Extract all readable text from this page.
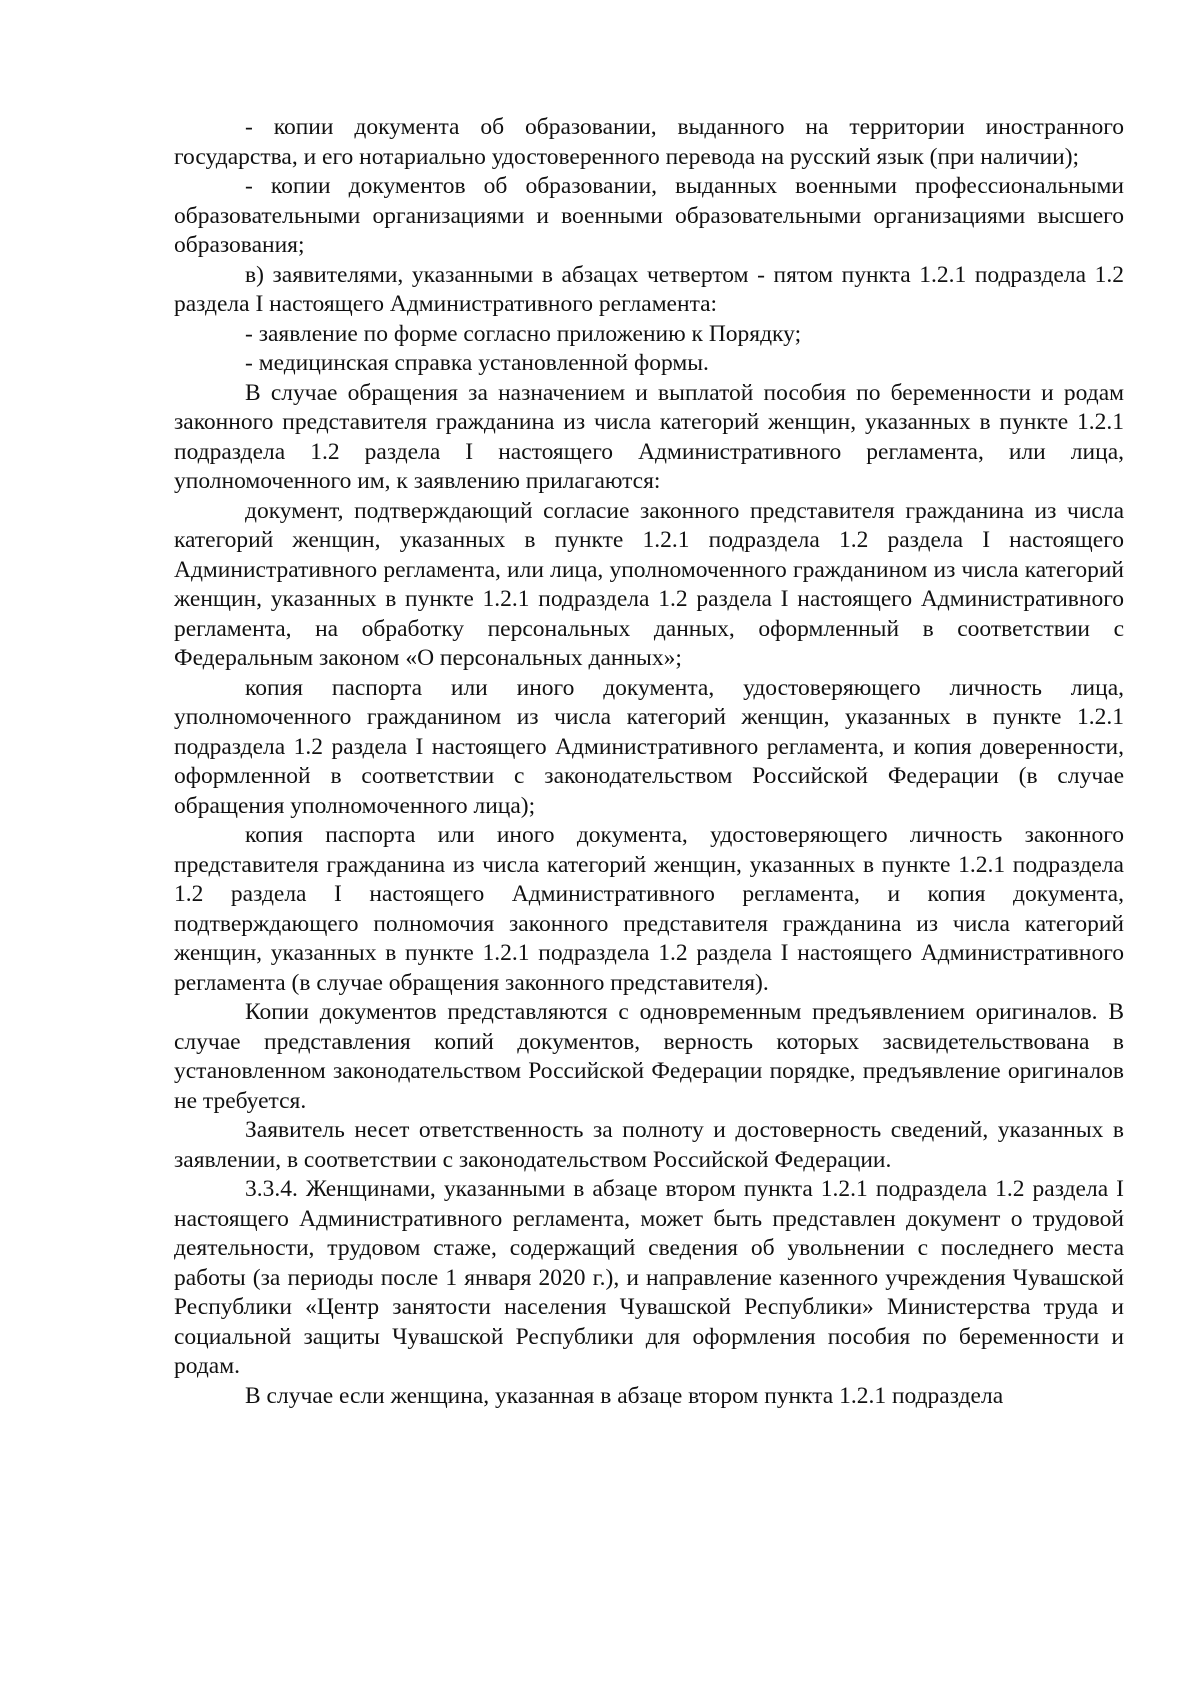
- копии документа об образовании, выданного на территории иностранного государства, и его нотариально удостоверенного перевода на русский язык (при наличии);

- копии документов об образовании, выданных военными профессиональными образовательными организациями и военными образовательными организациями высшего образования;

в) заявителями, указанными в абзацах четвертом - пятом пункта 1.2.1 подраздела 1.2 раздела I настоящего Административного регламента:

- заявление по форме согласно приложению к Порядку;

- медицинская справка установленной формы.

В случае обращения за назначением и выплатой пособия по беременности и родам законного представителя гражданина из числа категорий женщин, указанных в пункте 1.2.1 подраздела 1.2 раздела I настоящего Административного регламента, или лица, уполномоченного им, к заявлению прилагаются:

документ, подтверждающий согласие законного представителя гражданина из числа категорий женщин, указанных в пункте 1.2.1 подраздела 1.2 раздела I настоящего Административного регламента, или лица, уполномоченного гражданином из числа категорий женщин, указанных в пункте 1.2.1 подраздела 1.2 раздела I настоящего Административного регламента, на обработку персональных данных, оформленный в соответствии с Федеральным законом «О персональных данных»;

копия паспорта или иного документа, удостоверяющего личность лица, уполномоченного гражданином из числа категорий женщин, указанных в пункте 1.2.1 подраздела 1.2 раздела I настоящего Административного регламента, и копия доверенности, оформленной в соответствии с законодательством Российской Федерации (в случае обращения уполномоченного лица);

копия паспорта или иного документа, удостоверяющего личность законного представителя гражданина из числа категорий женщин, указанных в пункте 1.2.1 подраздела 1.2 раздела I настоящего Административного регламента, и копия документа, подтверждающего полномочия законного представителя гражданина из числа категорий женщин, указанных в пункте 1.2.1 подраздела 1.2 раздела I настоящего Административного регламента (в случае обращения законного представителя).

Копии документов представляются с одновременным предъявлением оригиналов. В случае представления копий документов, верность которых засвидетельствована в установленном законодательством Российской Федерации порядке, предъявление оригиналов не требуется.

Заявитель несет ответственность за полноту и достоверность сведений, указанных в заявлении, в соответствии с законодательством Российской Федерации.

3.3.4. Женщинами, указанными в абзаце втором пункта 1.2.1 подраздела 1.2 раздела I настоящего Административного регламента, может быть представлен документ о трудовой деятельности, трудовом стаже, содержащий сведения об увольнении с последнего места работы (за периоды после 1 января 2020 г.), и направление казенного учреждения Чувашской Республики «Центр занятости населения Чувашской Республики» Министерства труда и социальной защиты Чувашской Республики для оформления пособия по беременности и родам.

В случае если женщина, указанная в абзаце втором пункта 1.2.1 подраздела
